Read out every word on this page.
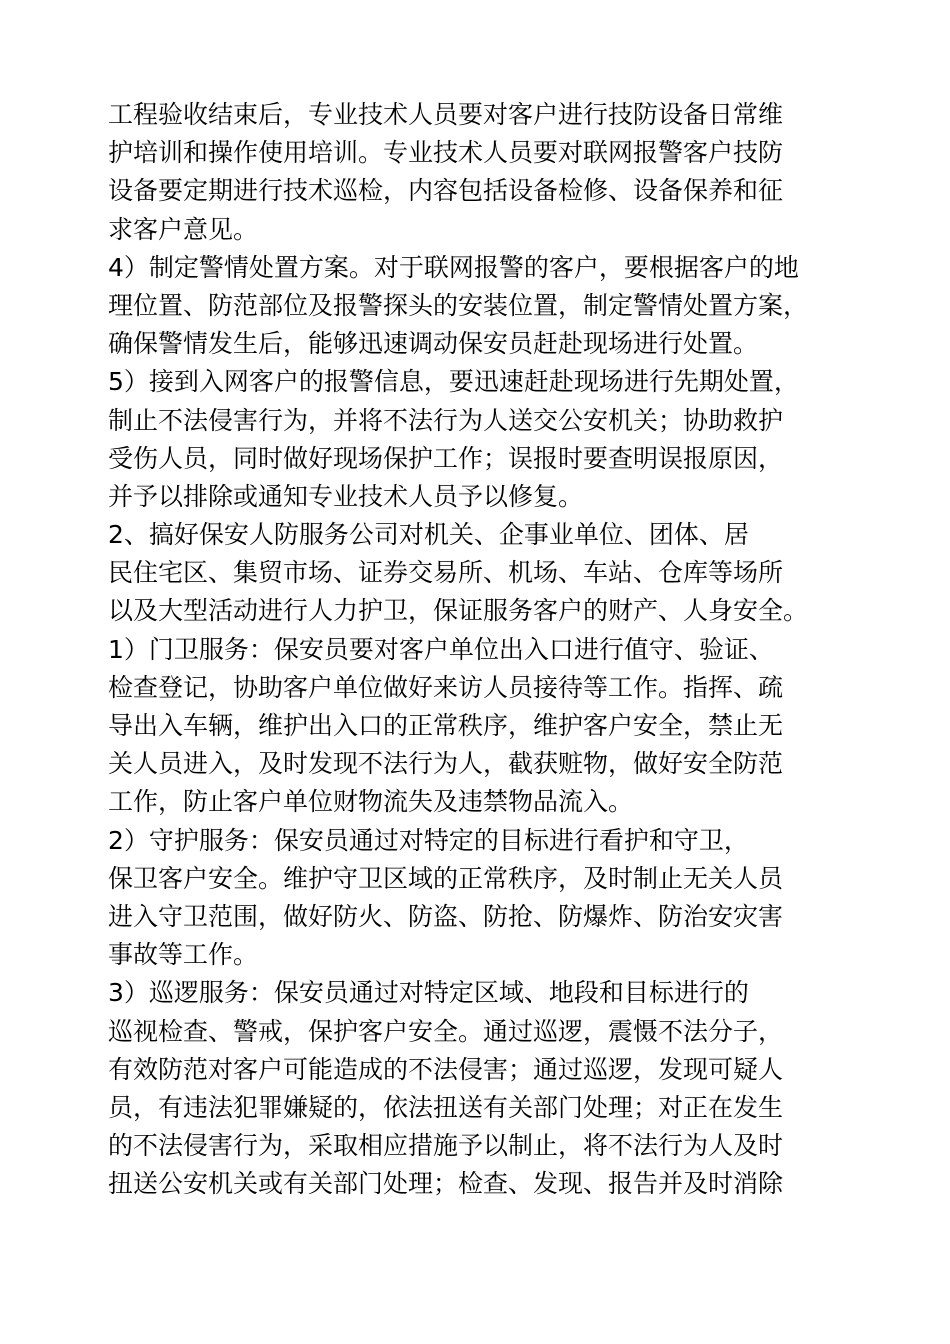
工程验收结束后，专业技术人员要对客户进行技防设备日常维
护培训和操作使用培训。专业技术人员要对联网报警客户技防
设备要定期进行技术巡检，内容包括设备检修、设备保养和征
求客户意见。
4）制定警情处置方案。对于联网报警的客户，要根据客户的地
理位置、防范部位及报警探头的安装位置，制定警情处置方案，
确保警情发生后，能够迅速调动保安员赶赴现场进行处置。
5）接到入网客户的报警信息，要迅速赶赴现场进行先期处置，
制止不法侵害行为，并将不法行为人送交公安机关；协助救护
受伤人员，同时做好现场保护工作；误报时要查明误报原因，
并予以排除或通知专业技术人员予以修复。
2、搞好保安人防服务公司对机关、企事业单位、团体、居
民住宅区、集贸市场、证券交易所、机场、车站、仓库等场所
以及大型活动进行人力护卫，保证服务客户的财产、人身安全。
1）门卫服务：保安员要对客户单位出入口进行值守、验证、
检查登记，协助客户单位做好来访人员接待等工作。指挥、疏
导出入车辆，维护出入口的正常秩序，维护客户安全，禁止无
关人员进入，及时发现不法行为人，截获赃物，做好安全防范
工作，防止客户单位财物流失及违禁物品流入。
2）守护服务：保安员通过对特定的目标进行看护和守卫，
保卫客户安全。维护守卫区域的正常秩序，及时制止无关人员
进入守卫范围，做好防火、防盗、防抢、防爆炸、防治安灾害
事故等工作。
3）巡逻服务：保安员通过对特定区域、地段和目标进行的
巡视检查、警戒，保护客户安全。通过巡逻，震慑不法分子，
有效防范对客户可能造成的不法侵害；通过巡逻，发现可疑人
员，有违法犯罪嫌疑的，依法扭送有关部门处理；对正在发生
的不法侵害行为，采取相应措施予以制止，将不法行为人及时
扭送公安机关或有关部门处理；检查、发现、报告并及时消除
